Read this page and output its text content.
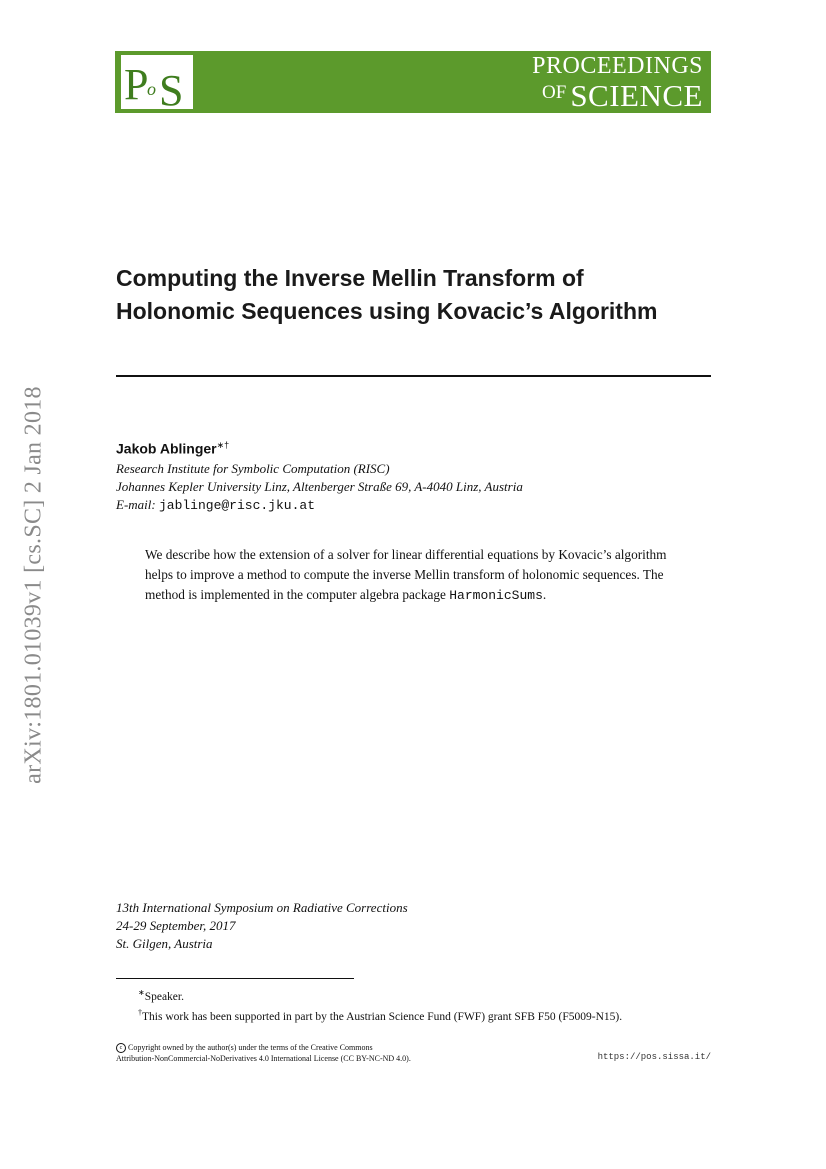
P
o S	PROCEEDINGS
OF SCIENCE
arXiv:1801.01039v1 [cs.SC] 2 Jan 2018
Computing the Inverse Mellin Transform of
Holonomic Sequences using Kovacic’s Algorithm
Jakob Ablinger∗†
Research Institute for Symbolic Computation (RISC)
Johannes Kepler University Linz, Altenberger Straße 69, A-4040 Linz, Austria
E-mail: jablinge@risc.jku.at

We describe how the extension of a solver for linear differential equations by Kovacic’s algorithm helps to improve a method to compute the inverse Mellin transform of holonomic sequences. The method is implemented in the computer algebra package HarmonicSums.

13th International Symposium on Radiative Corrections
24-29 September, 2017
St. Gilgen, Austria
∗Speaker.
†This work has been supported in part by the Austrian Science Fund (FWF) grant SFB F50 (F5009-N15).
c Copyright owned by the author(s) under the terms of the Creative Commons
Attribution-NonCommercial-NoDerivatives 4.0 International License (CC BY-NC-ND 4.0).	https://pos.sissa.it/
